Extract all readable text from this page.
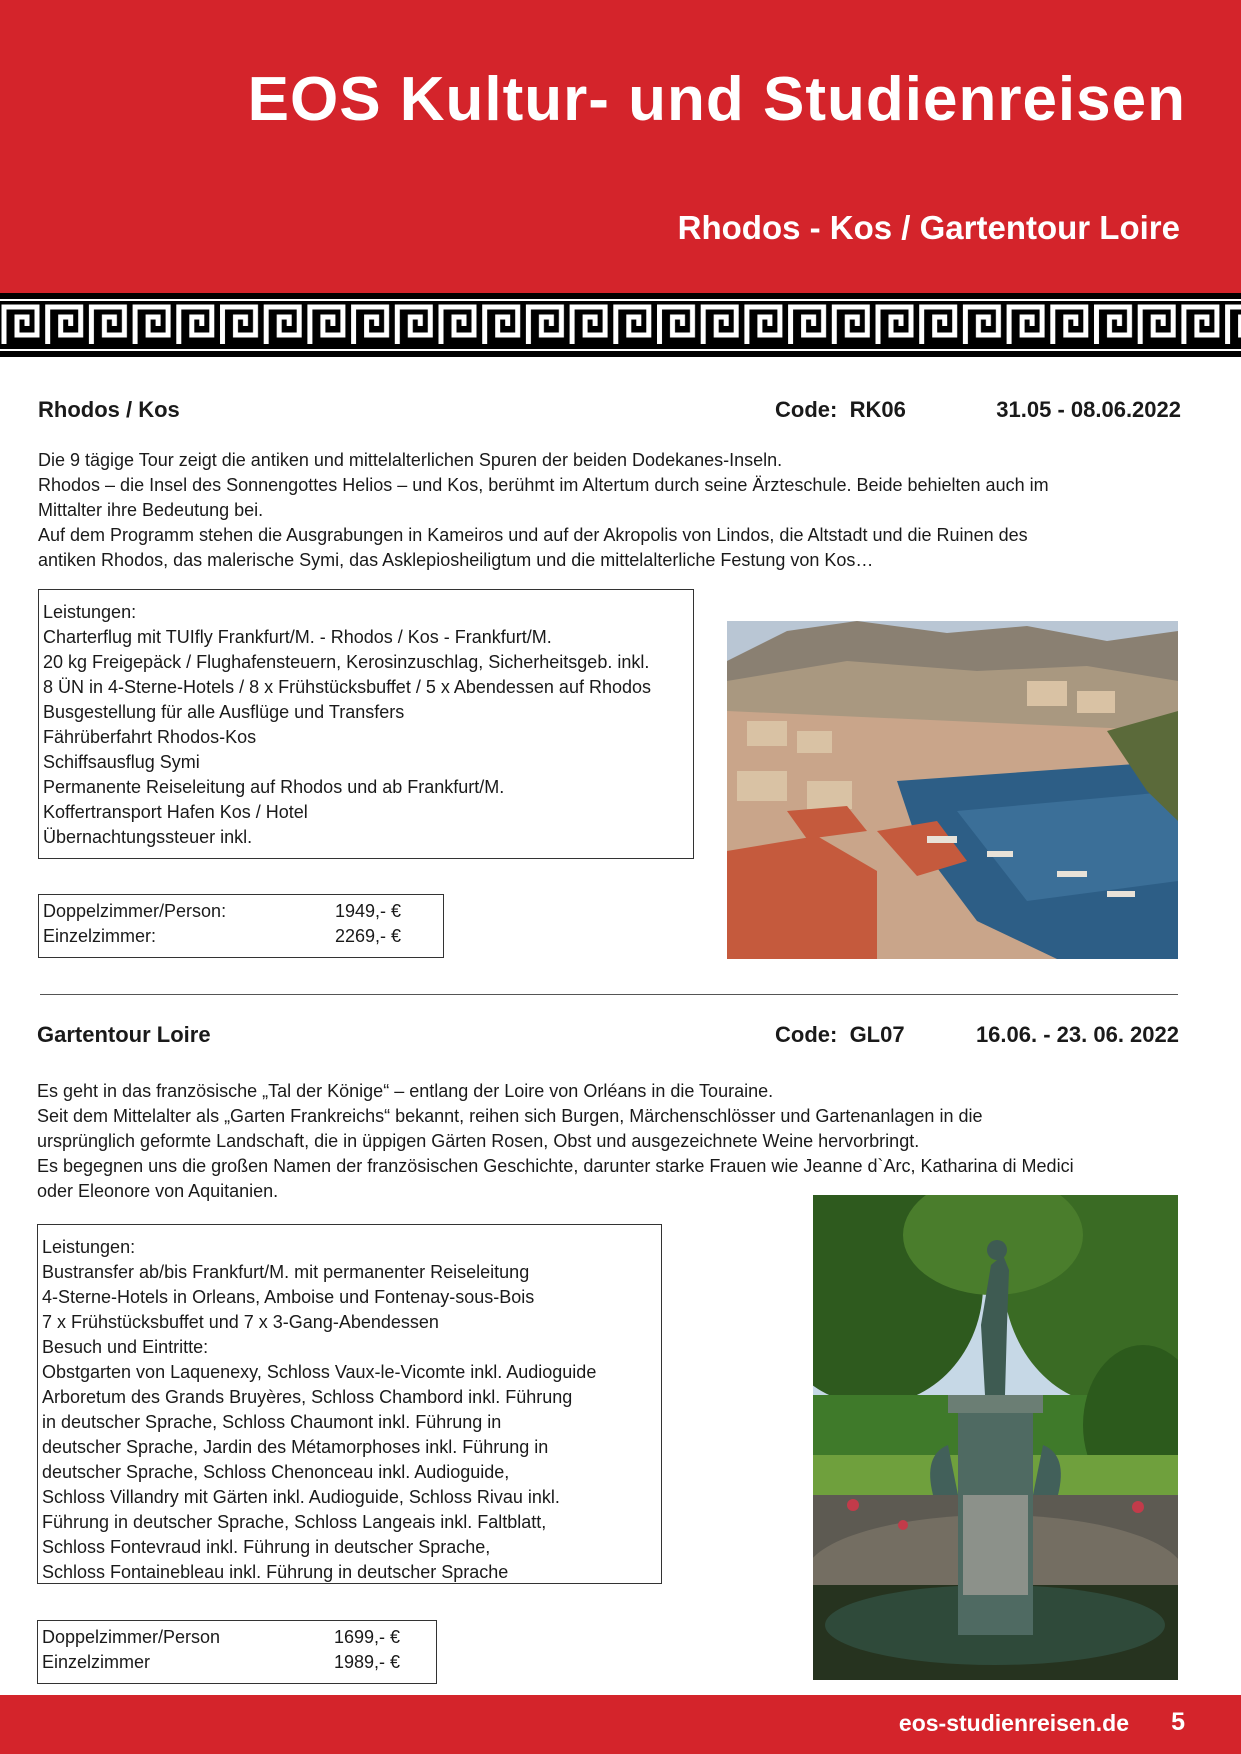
EOS Kultur- und Studienreisen
Rhodos - Kos / Gartentour Loire
Rhodos / Kos	Code: RK06	31.05 - 08.06.2022

Die 9 tägige Tour zeigt die antiken und mittelalterlichen Spuren der beiden Dodekanes-Inseln.

Rhodos – die Insel des Sonnengottes Helios – und Kos, berühmt im Altertum durch seine Ärzteschule. Beide behielten auch im

Mittalter ihre Bedeutung bei.

Auf dem Programm stehen die Ausgrabungen in Kameiros und auf der Akropolis von Lindos, die Altstadt und die Ruinen des

antiken Rhodos, das malerische Symi, das Asklepiosheiligtum und die mittelalterliche Festung von Kos…

Leistungen:
Charterflug mit TUIfly Frankfurt/M. - Rhodos / Kos - Frankfurt/M.
20 kg Freigepäck / Flughafensteuern, Kerosinzuschlag, Sicherheitsgeb. inkl.
8 ÜN in 4-Sterne-Hotels / 8 x Frühstücksbuffet / 5 x Abendessen auf Rhodos
Busgestellung für alle Ausflüge und Transfers
Fährüberfahrt Rhodos-Kos
Schiffsausflug Symi
Permanente Reiseleitung auf Rhodos und ab Frankfurt/M.
Koffertransport Hafen Kos / Hotel
Übernachtungssteuer inkl.
Doppelzimmer/Person:	1949,- €
Einzelzimmer:	2269,- €
Gartentour Loire	Code: GL07	16.06. - 23. 06. 2022

Es geht in das französische „Tal der Könige“ – entlang der Loire von Orléans in die Touraine.

Seit dem Mittelalter als „Garten Frankreichs“ bekannt, reihen sich Burgen, Märchenschlösser und Gartenanlagen in die

ursprünglich geformte Landschaft, die in üppigen Gärten Rosen, Obst und ausgezeichnete Weine hervorbringt.

Es begegnen uns die großen Namen der französischen Geschichte, darunter starke Frauen wie Jeanne d`Arc, Katharina di Medici

oder Eleonore von Aquitanien.

Leistungen:
Bustransfer ab/bis Frankfurt/M. mit permanenter Reiseleitung
4-Sterne-Hotels in Orleans, Amboise und Fontenay-sous-Bois
7 x Frühstücksbuffet und 7 x 3-Gang-Abendessen
Besuch und Eintritte:
Obstgarten von Laquenexy, Schloss Vaux-le-Vicomte inkl. Audioguide
Arboretum des Grands Bruyères, Schloss Chambord inkl. Führung
in deutscher Sprache, Schloss Chaumont inkl. Führung in
deutscher Sprache, Jardin des Métamorphoses inkl. Führung in
deutscher Sprache, Schloss Chenonceau inkl. Audioguide,
Schloss Villandry mit Gärten inkl. Audioguide, Schloss Rivau inkl.
Führung in deutscher Sprache, Schloss Langeais inkl. Faltblatt,
Schloss Fontevraud inkl. Führung in deutscher Sprache,
Schloss Fontainebleau inkl. Führung in deutscher Sprache
Doppelzimmer/Person	1699,- €
Einzelzimmer	1989,- €
eos-studienreisen.de 5
